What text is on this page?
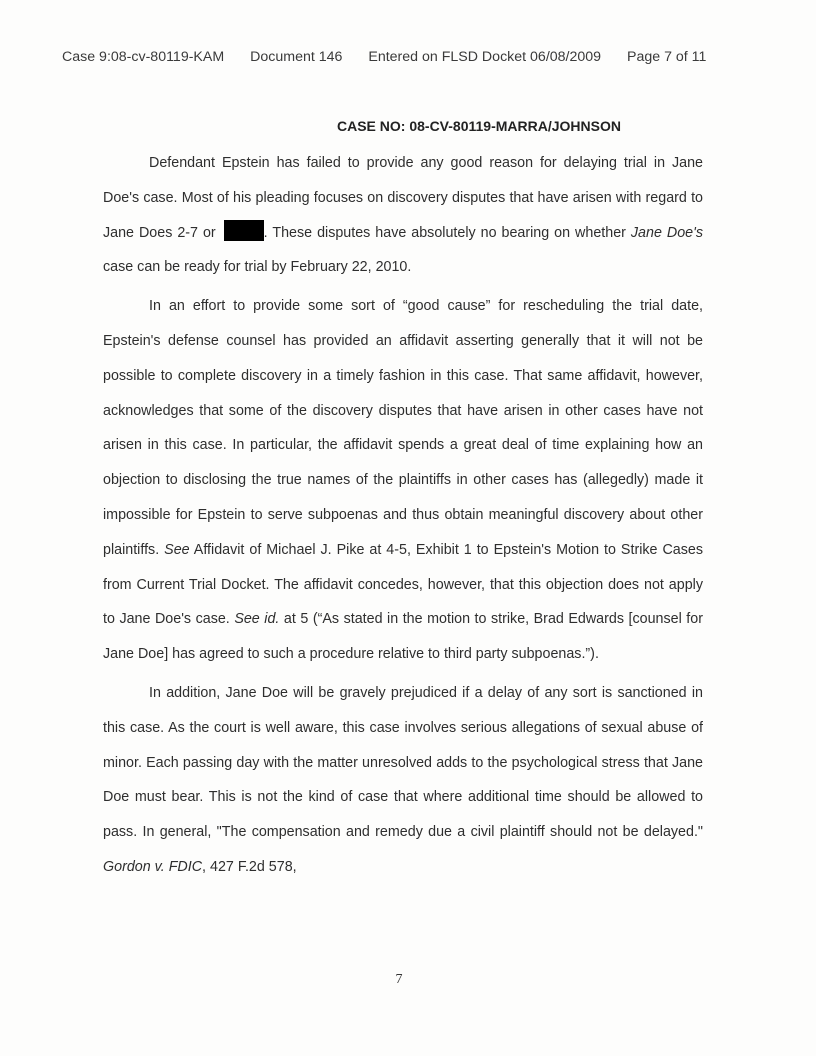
Case 9:08-cv-80119-KAM Document 146 Entered on FLSD Docket 06/08/2009 Page 7 of 11
CASE NO: 08-CV-80119-MARRA/JOHNSON

Defendant Epstein has failed to provide any good reason for delaying trial in Jane Doe's case. Most of his pleading focuses on discovery disputes that have arisen with regard to Jane Does 2-7 or	. These disputes have absolutely no bearing on whether Jane Doe's case can be ready for trial by February 22, 2010.

In an effort to provide some sort of “good cause” for rescheduling the trial date, Epstein's defense counsel has provided an affidavit asserting generally that it will not be possible to complete discovery in a timely fashion in this case. That same affidavit, however, acknowledges that some of the discovery disputes that have arisen in other cases have not arisen in this case. In particular, the affidavit spends a great deal of time explaining how an objection to disclosing the true names of the plaintiffs in other cases has (allegedly) made it impossible for Epstein to serve subpoenas and thus obtain meaningful discovery about other plaintiffs. See Affidavit of Michael J. Pike at 4-5, Exhibit 1 to Epstein's Motion to Strike Cases from Current Trial Docket. The affidavit concedes, however, that this objection does not apply to Jane Doe's case. See id. at 5 (“As stated in the motion to strike, Brad Edwards [counsel for Jane Doe] has agreed to such a procedure relative to third party subpoenas.”).

In addition, Jane Doe will be gravely prejudiced if a delay of any sort is sanctioned in this case. As the court is well aware, this case involves serious allegations of sexual abuse of minor. Each passing day with the matter unresolved adds to the psychological stress that Jane Doe must bear. This is not the kind of case that where additional time should be allowed to pass. In general, "The compensation and remedy due a civil plaintiff should not be delayed." Gordon v. FDIC, 427 F.2d 578,

7
